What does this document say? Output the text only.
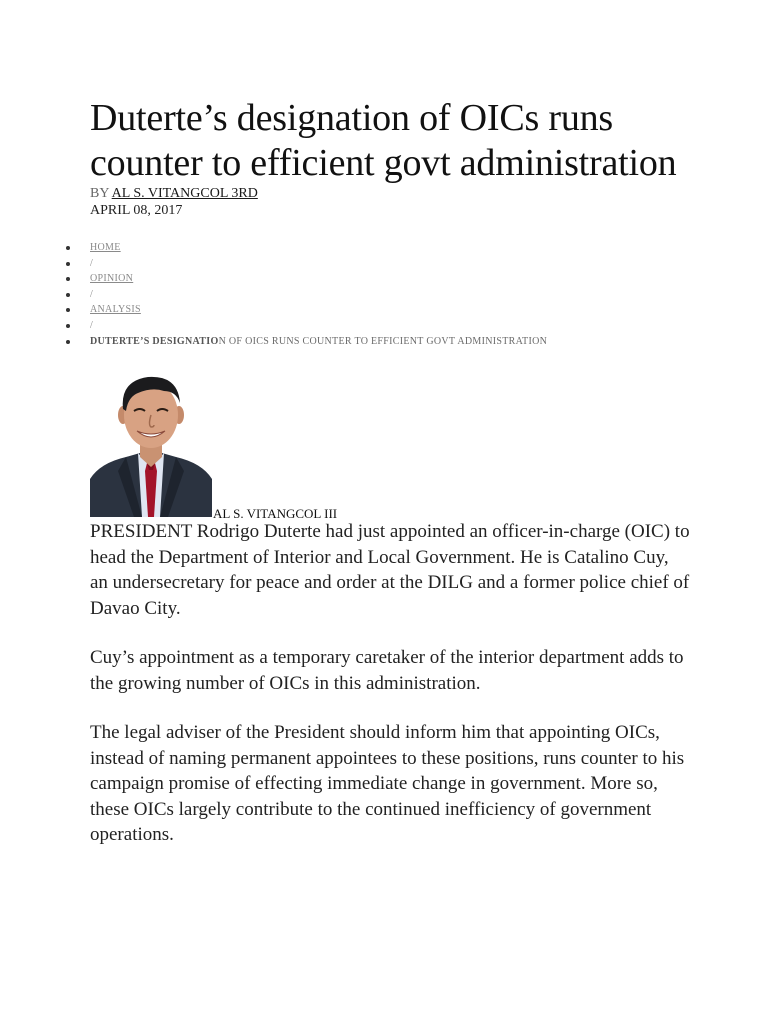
Duterte’s designation of OICs runs counter to efficient govt administration
BY AL S. VITANGCOL 3RD
APRIL 08, 2017
HOME
/
OPINION
/
ANALYSIS
/
DUTERTE’S DESIGNATION OF OICS RUNS COUNTER TO EFFICIENT GOVT ADMINISTRATION
AL S. VITANGCOL III

PRESIDENT Rodrigo Duterte had just appointed an officer-in-charge (OIC) to head the Department of Interior and Local Government. He is Catalino Cuy, an undersecretary for peace and order at the DILG and a former police chief of Davao City.

Cuy’s appointment as a temporary caretaker of the interior department adds to the growing number of OICs in this administration.

The legal adviser of the President should inform him that appointing OICs, instead of naming permanent appointees to these positions, runs counter to his campaign promise of effecting immediate change in government. More so, these OICs largely contribute to the continued inefficiency of government operations.
